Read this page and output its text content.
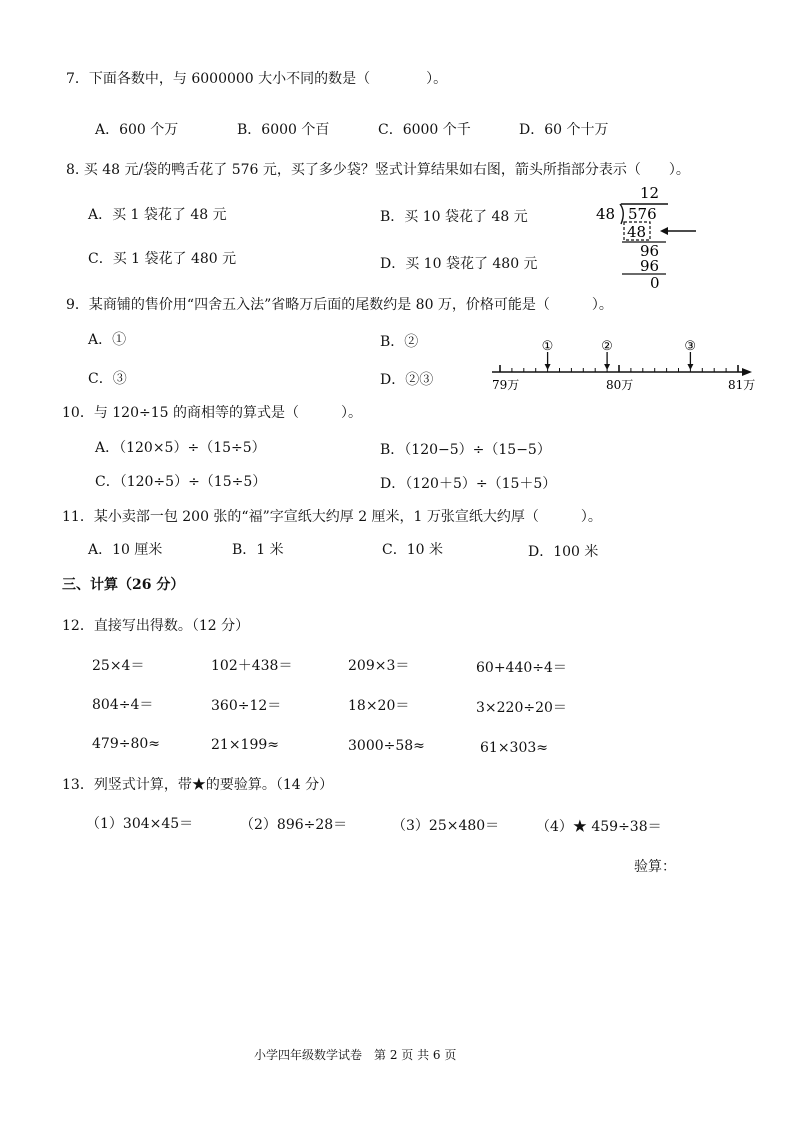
7．下面各数中，与 6000000 大小不同的数是（　　　　）。
A．600 个万	B．6000 个百	C．6000 个千	D．60 个十万
8. 买 48 元/袋的鸭舌花了 576 元，买了多少袋？竖式计算结果如右图，箭头所指部分表示（　　）。
A．买 1 袋花了 48 元	B．买 10 袋花了 48 元
C．买 1 袋花了 480 元	D．买 10 袋花了 480 元
12
48 576
48
96
96
0
9．某商铺的售价用“四舍五入法”省略万后面的尾数约是 80 万，价格可能是（　　　）。
A．①	B．②
C．③	D．②③	79万	80万	81万
①	②	③
10．与 120÷15 的商相等的算式是（　　　）。
A．（120×5）÷（15÷5）	B．（120−5）÷（15−5）
C．（120÷5）÷（15÷5）	D．（120＋5）÷（15＋5）
11．某小卖部一包 200 张的“福”字宣纸大约厚 2 厘米，1 万张宣纸大约厚（　　　）。
A．10 厘米	B．1 米	C．10 米	D．100 米
三、计算（26 分）
12．直接写出得数。（12 分）
25×4＝	102＋438＝	209×3＝	60+440÷4＝
804÷4＝	360÷12＝	18×20＝	3×220÷20＝
479÷80≈	21×199≈	3000÷58≈	61×303≈
13．列竖式计算，带★的要验算。（14 分）
（1）304×45＝	（2）896÷28＝	（3）25×480＝	（4）★ 459÷38＝
验算：
小学四年级数学试卷　第 2 页 共 6 页
